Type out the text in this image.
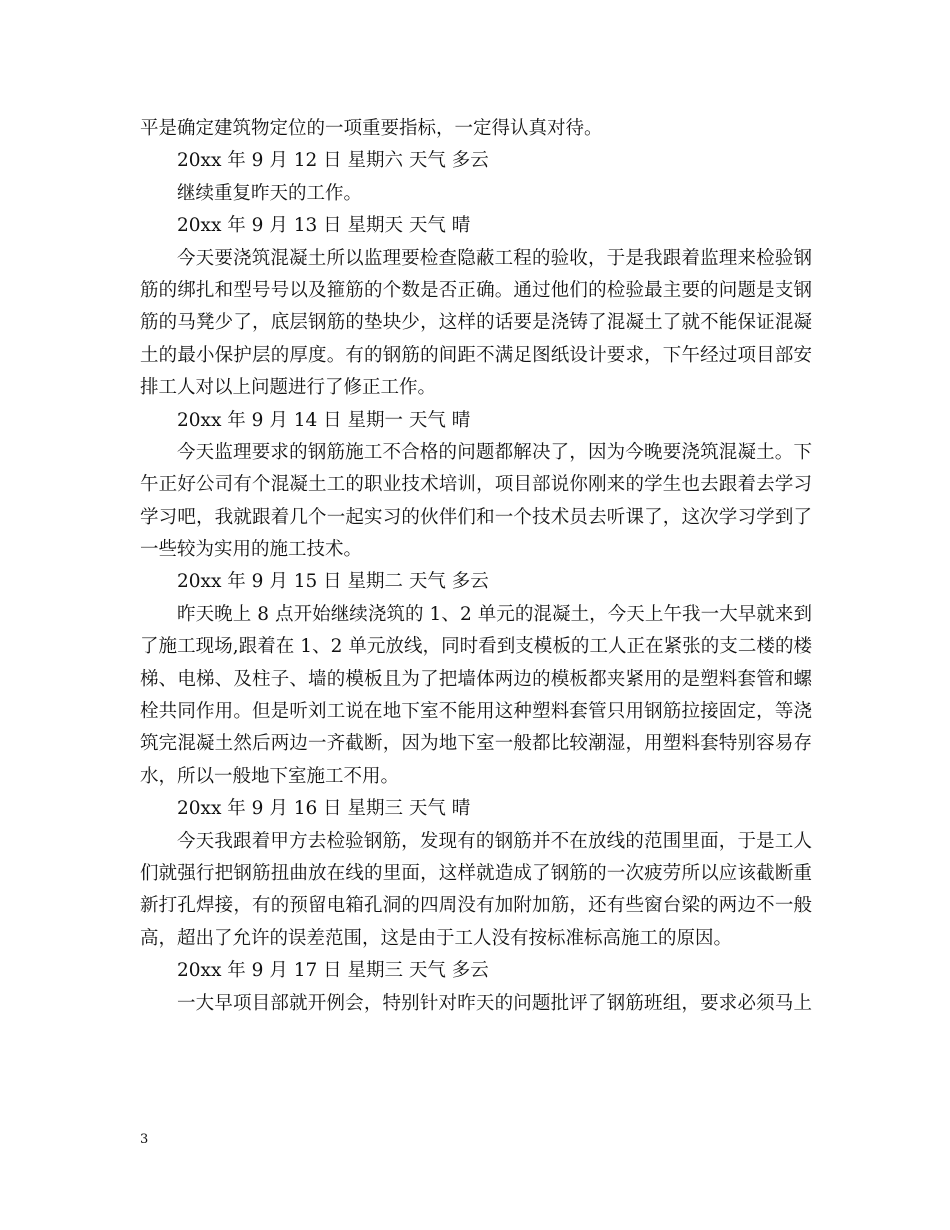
平是确定建筑物定位的一项重要指标，一定得认真对待。
20xx 年 9 月 12 日 星期六 天气 多云
继续重复昨天的工作。
20xx 年 9 月 13 日 星期天 天气 晴
今天要浇筑混凝土所以监理要检查隐蔽工程的验收，于是我跟着监理来检验钢
筋的绑扎和型号号以及箍筋的个数是否正确。通过他们的检验最主要的问题是支钢
筋的马凳少了，底层钢筋的垫块少，这样的话要是浇铸了混凝土了就不能保证混凝
土的最小保护层的厚度。有的钢筋的间距不满足图纸设计要求，下午经过项目部安
排工人对以上问题进行了修正工作。
20xx 年 9 月 14 日 星期一 天气 晴
今天监理要求的钢筋施工不合格的问题都解决了，因为今晚要浇筑混凝土。下
午正好公司有个混凝土工的职业技术培训，项目部说你刚来的学生也去跟着去学习
学习吧，我就跟着几个一起实习的伙伴们和一个技术员去听课了，这次学习学到了
一些较为实用的施工技术。
20xx 年 9 月 15 日 星期二 天气 多云
昨天晚上 8 点开始继续浇筑的 1、2 单元的混凝土，今天上午我一大早就来到
了施工现场,跟着在 1、2 单元放线，同时看到支模板的工人正在紧张的支二楼的楼
梯、电梯、及柱子、墙的模板且为了把墙体两边的模板都夹紧用的是塑料套管和螺
栓共同作用。但是听刘工说在地下室不能用这种塑料套管只用钢筋拉接固定，等浇
筑完混凝土然后两边一齐截断，因为地下室一般都比较潮湿，用塑料套特别容易存
水，所以一般地下室施工不用。
20xx 年 9 月 16 日 星期三 天气 晴
今天我跟着甲方去检验钢筋，发现有的钢筋并不在放线的范围里面，于是工人
们就强行把钢筋扭曲放在线的里面，这样就造成了钢筋的一次疲劳所以应该截断重
新打孔焊接，有的预留电箱孔洞的四周没有加附加筋，还有些窗台梁的两边不一般
高，超出了允许的误差范围，这是由于工人没有按标准标高施工的原因。
20xx 年 9 月 17 日 星期三 天气 多云
一大早项目部就开例会，特别针对昨天的问题批评了钢筋班组，要求必须马上
3
